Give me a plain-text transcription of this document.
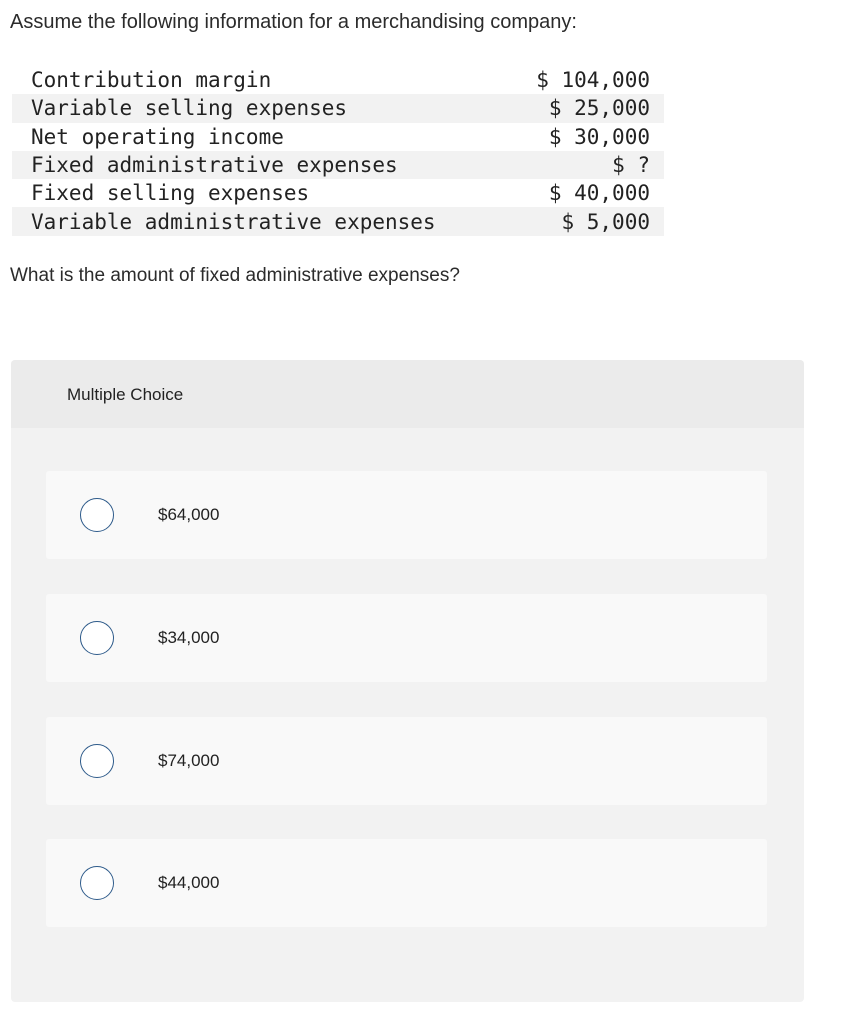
Assume the following information for a merchandising company:
Contribution margin	$ 104,000
Variable selling expenses	$ 25,000
Net operating income	$ 30,000
Fixed administrative expenses	$ ?
Fixed selling expenses	$ 40,000
Variable administrative expenses	$ 5,000
What is the amount of fixed administrative expenses?
Multiple Choice
$64,000
$34,000
$74,000
$44,000
